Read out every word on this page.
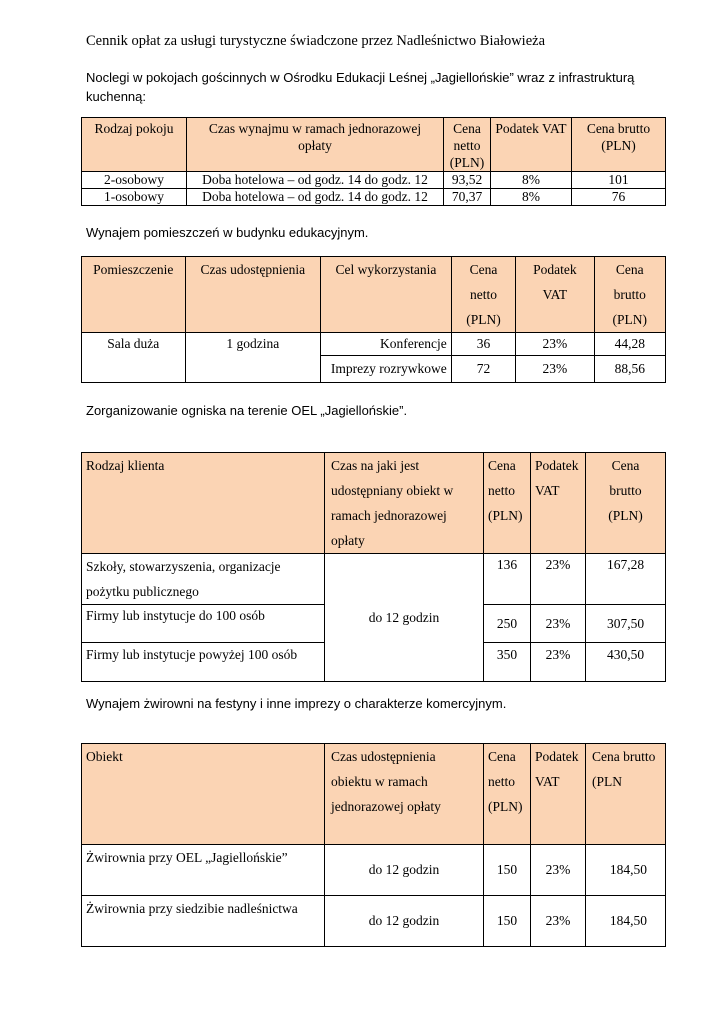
Cennik opłat za usługi turystyczne świadczone przez Nadleśnictwo Białowieża
Noclegi w pokojach gościnnych w Ośrodku Edukacji Leśnej „Jagiellońskie” wraz z infrastrukturą kuchenną:
Rodzaj pokoju	Czas wynajmu w ramach jednorazowej opłaty	Cena netto (PLN)	Podatek VAT	Cena brutto (PLN)
2-osobowy	Doba hotelowa – od godz. 14 do godz. 12	93,52	8%	101
1-osobowy	Doba hotelowa – od godz. 14 do godz. 12	70,37	8%	76
Wynajem pomieszczeń w budynku edukacyjnym.
Pomieszczenie	Czas udostępnienia	Cel wykorzystania	Cena netto (PLN)	Podatek VAT	Cena brutto (PLN)
Sala duża	1 godzina	Konferencje	36	23%	44,28
		Imprezy rozrywkowe	72	23%	88,56
Zorganizowanie ogniska na terenie OEL „Jagiellońskie”.
Rodzaj klienta	Czas na jaki jest udostępniany obiekt w ramach jednorazowej opłaty	Cena netto (PLN)	Podatek VAT	Cena brutto (PLN)
Szkoły, stowarzyszenia, organizacje pożytku publicznego	do 12 godzin	136	23%	167,28
Firmy lub instytucje do 100 osób		250	23%	307,50
Firmy lub instytucje powyżej 100 osób		350	23%	430,50
Wynajem żwirowni na festyny i inne imprezy o charakterze komercyjnym.
Obiekt	Czas udostępnienia obiektu w ramach jednorazowej opłaty	Cena netto (PLN)	Podatek VAT	Cena brutto (PLN
Żwirownia przy OEL „Jagiellońskie”	do 12 godzin	150	23%	184,50
Żwirownia przy siedzibie nadleśnictwa	do 12 godzin	150	23%	184,50
